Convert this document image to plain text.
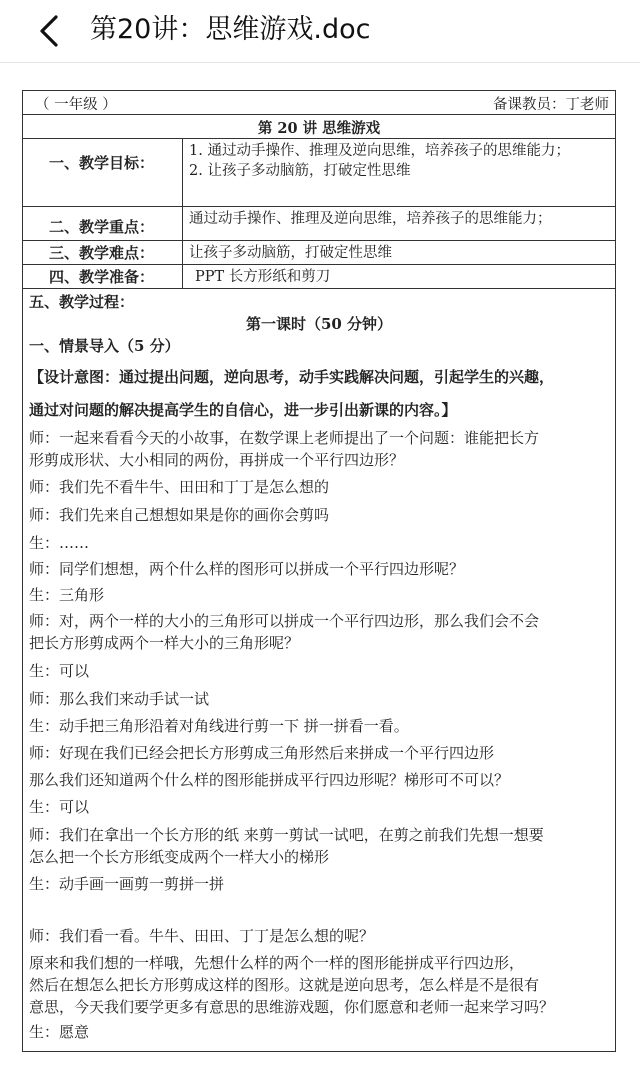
第20讲：思维游戏.doc
（ 一年级 ）	备课教员：丁老师
第 20 讲 思维游戏
一、教学目标：
1. 通过动手操作、推理及逆向思维，培养孩子的思维能力；
2. 让孩子多动脑筋，打破定性思维
二、教学重点：	通过动手操作、推理及逆向思维，培养孩子的思维能力；
三、教学难点：	让孩子多动脑筋，打破定性思维
四、教学准备：	PPT 长方形纸和剪刀
五、教学过程：
第一课时（50 分钟）
一、情景导入（5 分）
【设计意图：通过提出问题，逆向思考，动手实践解决问题，引起学生的兴趣，
通过对问题的解决提高学生的自信心，进一步引出新课的内容。】
师：一起来看看今天的小故事，在数学课上老师提出了一个问题：谁能把长方
形剪成形状、大小相同的两份，再拼成一个平行四边形？
师：我们先不看牛牛、田田和丁丁是怎么想的
师：我们先来自己想想如果是你的画你会剪吗
生：……
师：同学们想想，两个什么样的图形可以拼成一个平行四边形呢？
生：三角形
师：对，两个一样的大小的三角形可以拼成一个平行四边形，那么我们会不会
把长方形剪成两个一样大小的三角形呢？
生：可以
师：那么我们来动手试一试
生：动手把三角形沿着对角线进行剪一下 拼一拼看一看。
师：好现在我们已经会把长方形剪成三角形然后来拼成一个平行四边形
那么我们还知道两个什么样的图形能拼成平行四边形呢？梯形可不可以？
生：可以
师：我们在拿出一个长方形的纸 来剪一剪试一试吧，在剪之前我们先想一想要
怎么把一个长方形纸变成两个一样大小的梯形
生：动手画一画剪一剪拼一拼
师：我们看一看。牛牛、田田、丁丁是怎么想的呢？
原来和我们想的一样哦，先想什么样的两个一样的图形能拼成平行四边形，
然后在想怎么把长方形剪成这样的图形。这就是逆向思考，怎么样是不是很有
意思，今天我们要学更多有意思的思维游戏题，你们愿意和老师一起来学习吗？
生：愿意
